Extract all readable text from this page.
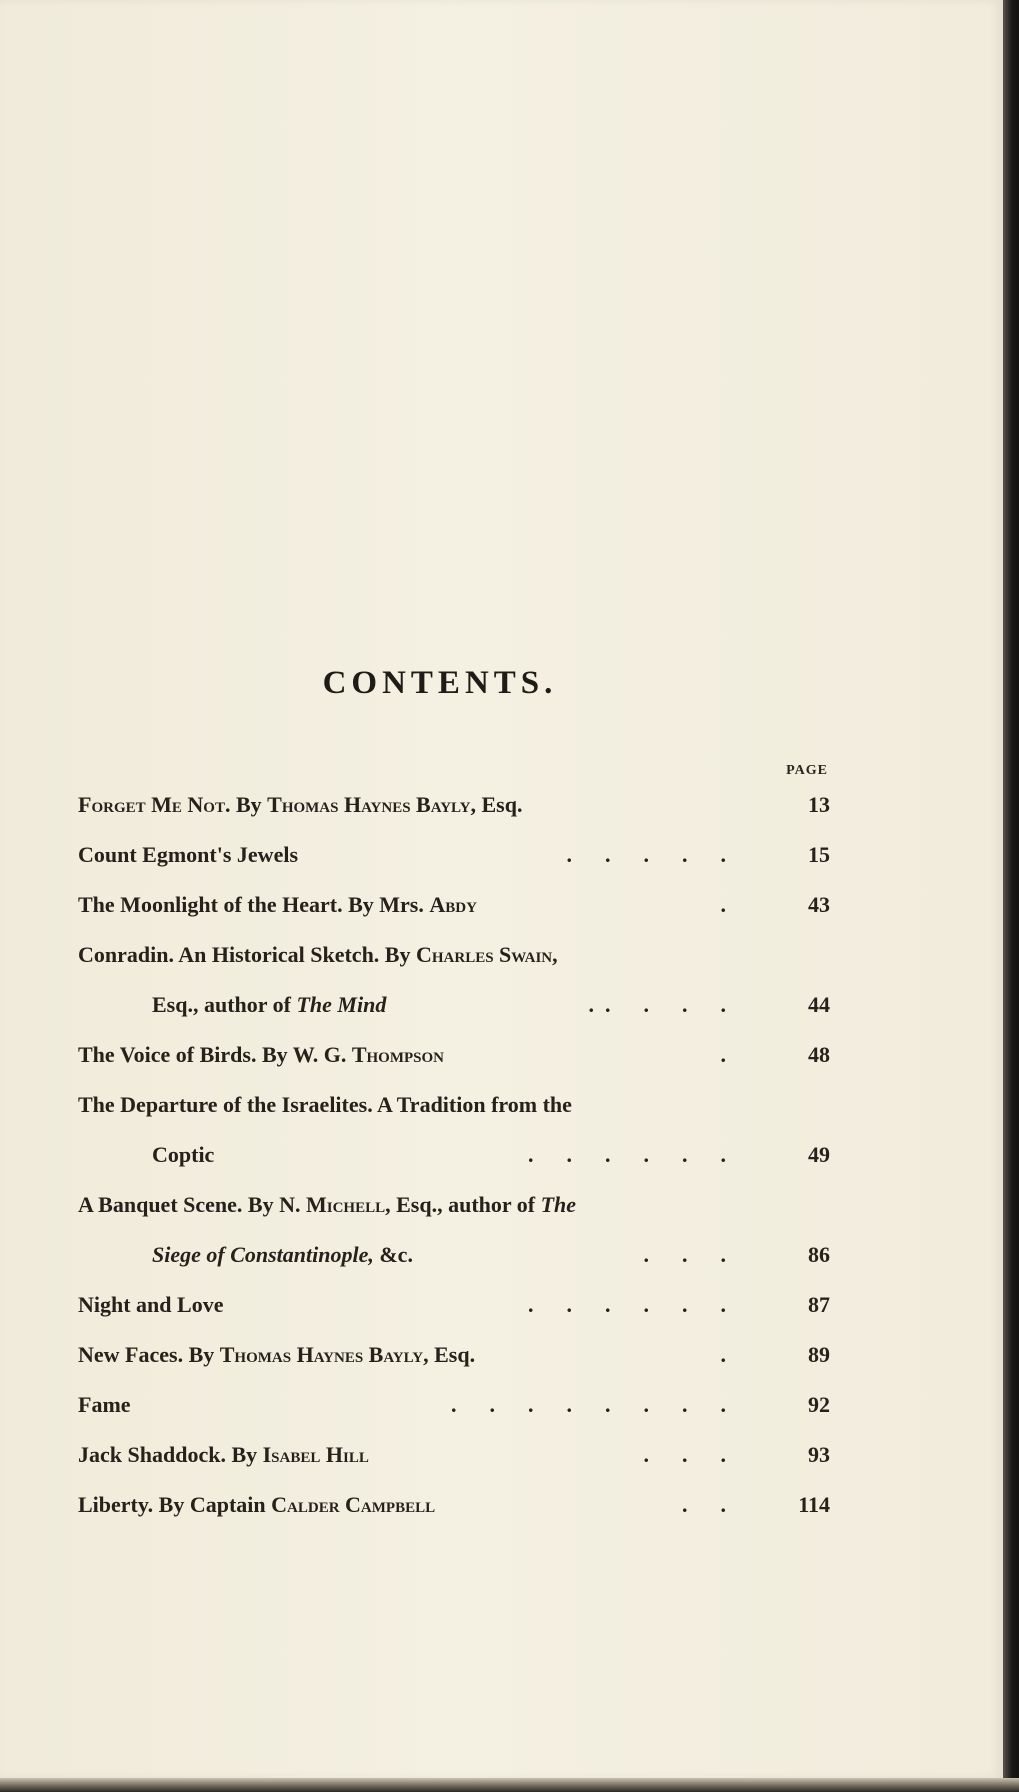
CONTENTS.
PAGE
Forget Me Not. By Thomas Haynes Bayly, Esq.	13
Count Egmont's Jewels	.      .      .      .      .	15
The Moonlight of the Heart. By Mrs. Abdy	.	43
Conradin. An Historical Sketch. By Charles Swain,
Esq., author of The Mind	.  .      .      .      .	44
The Voice of Birds. By W. G. Thompson	.	48
The Departure of the Israelites. A Tradition from the
Coptic	.      .      .      .      .      .	49
A Banquet Scene. By N. Michell, Esq., author of The
Siege of Constantinople, &c.	.      .      .	86
Night and Love	.      .      .      .      .      .	87
New Faces. By Thomas Haynes Bayly, Esq.	.	89
Fame	.      .      .      .      .      .      .      .	92
Jack Shaddock. By Isabel Hill	.      .      .	93
Liberty. By Captain Calder Campbell	.      .	114
